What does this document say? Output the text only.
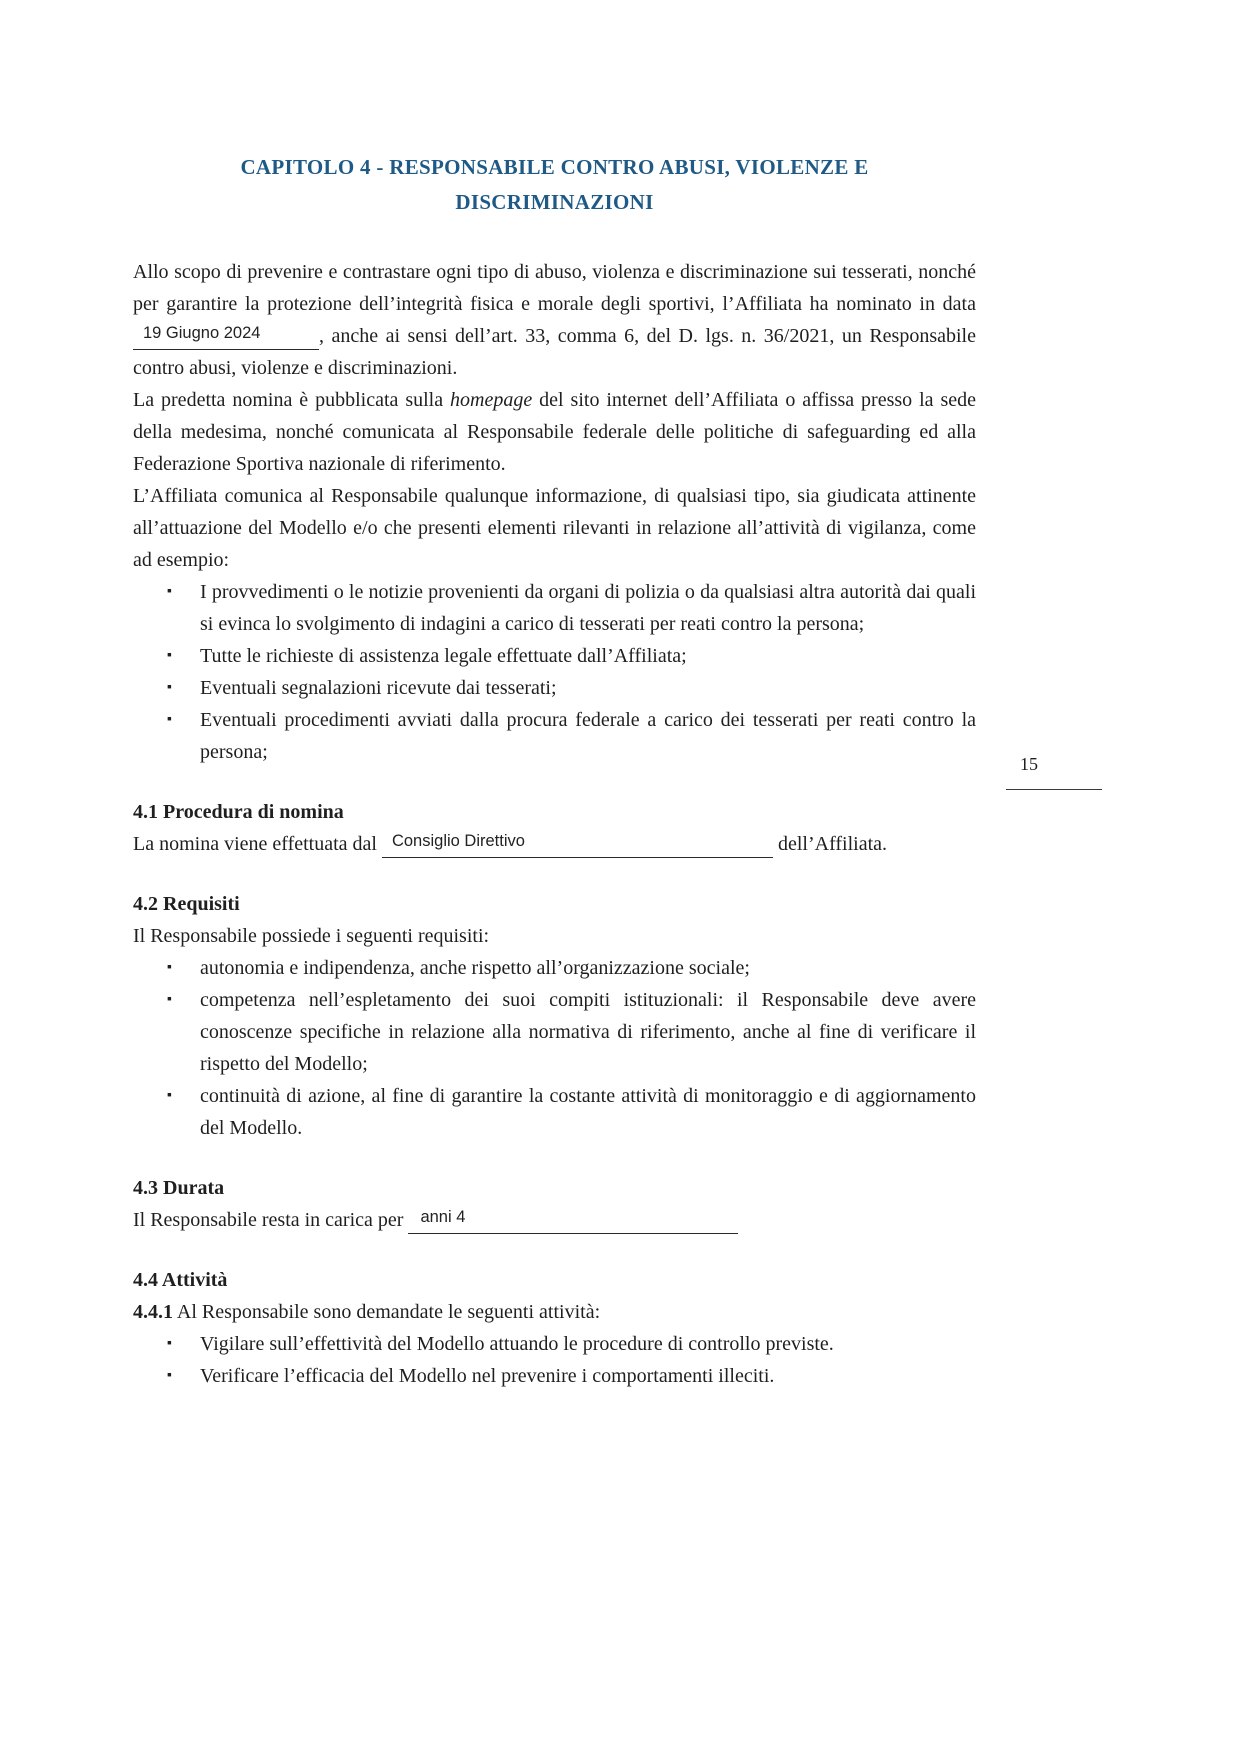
CAPITOLO 4 - RESPONSABILE CONTRO ABUSI, VIOLENZE E
DISCRIMINAZIONI

Allo scopo di prevenire e contrastare ogni tipo di abuso, violenza e discriminazione sui tesserati, nonché per garantire la protezione dell’integrità fisica e morale degli sportivi, l’Affiliata ha nominato in data$^{19 Giugno 2024}$	, anche ai sensi dell’art. 33, comma 6, del D. lgs. n. 36/2021, un Responsabile contro abusi, violenze e discriminazioni.

La predetta nomina è pubblicata sulla homepage del sito internet dell’Affiliata o affissa presso la sede della medesima, nonché comunicata al Responsabile federale delle politiche di safeguarding ed alla Federazione Sportiva nazionale di riferimento.

L’Affiliata comunica al Responsabile qualunque informazione, di qualsiasi tipo, sia giudicata attinente all’attuazione del Modello e/o che presenti elementi rilevanti in relazione all’attività di vigilanza, come ad esempio:

▪ I provvedimenti o le notizie provenienti da organi di polizia o da qualsiasi altra autorità dai quali si evinca lo svolgimento di indagini a carico di tesserati per reati contro la persona;
▪ Tutte le richieste di assistenza legale effettuate dall’Affiliata;
▪ Eventuali segnalazioni ricevute dai tesserati;
▪ Eventuali procedimenti avviati dalla procura federale a carico dei tesserati per reati contro la persona;
4.1 Procedura di nomina

La nomina viene effettuata dal $^{Consiglio Direttivo}$	dell’Affiliata.

4.2 Requisiti

Il Responsabile possiede i seguenti requisiti:

▪ autonomia e indipendenza, anche rispetto all’organizzazione sociale;
▪ competenza nell’espletamento dei suoi compiti istituzionali: il Responsabile deve avere conoscenze specifiche in relazione alla normativa di riferimento, anche al fine di verificare il rispetto del Modello;
▪ continuità di azione, al fine di garantire la costante attività di monitoraggio e di aggiornamento del Modello.
4.3 Durata

Il Responsabile resta in carica per $^{anni 4}$

4.4 Attività

4.4.1 Al Responsabile sono demandate le seguenti attività:

▪ Vigilare sull’effettività del Modello attuando le procedure di controllo previste.
▪ Verificare l’efficacia del Modello nel prevenire i comportamenti illeciti.
15
